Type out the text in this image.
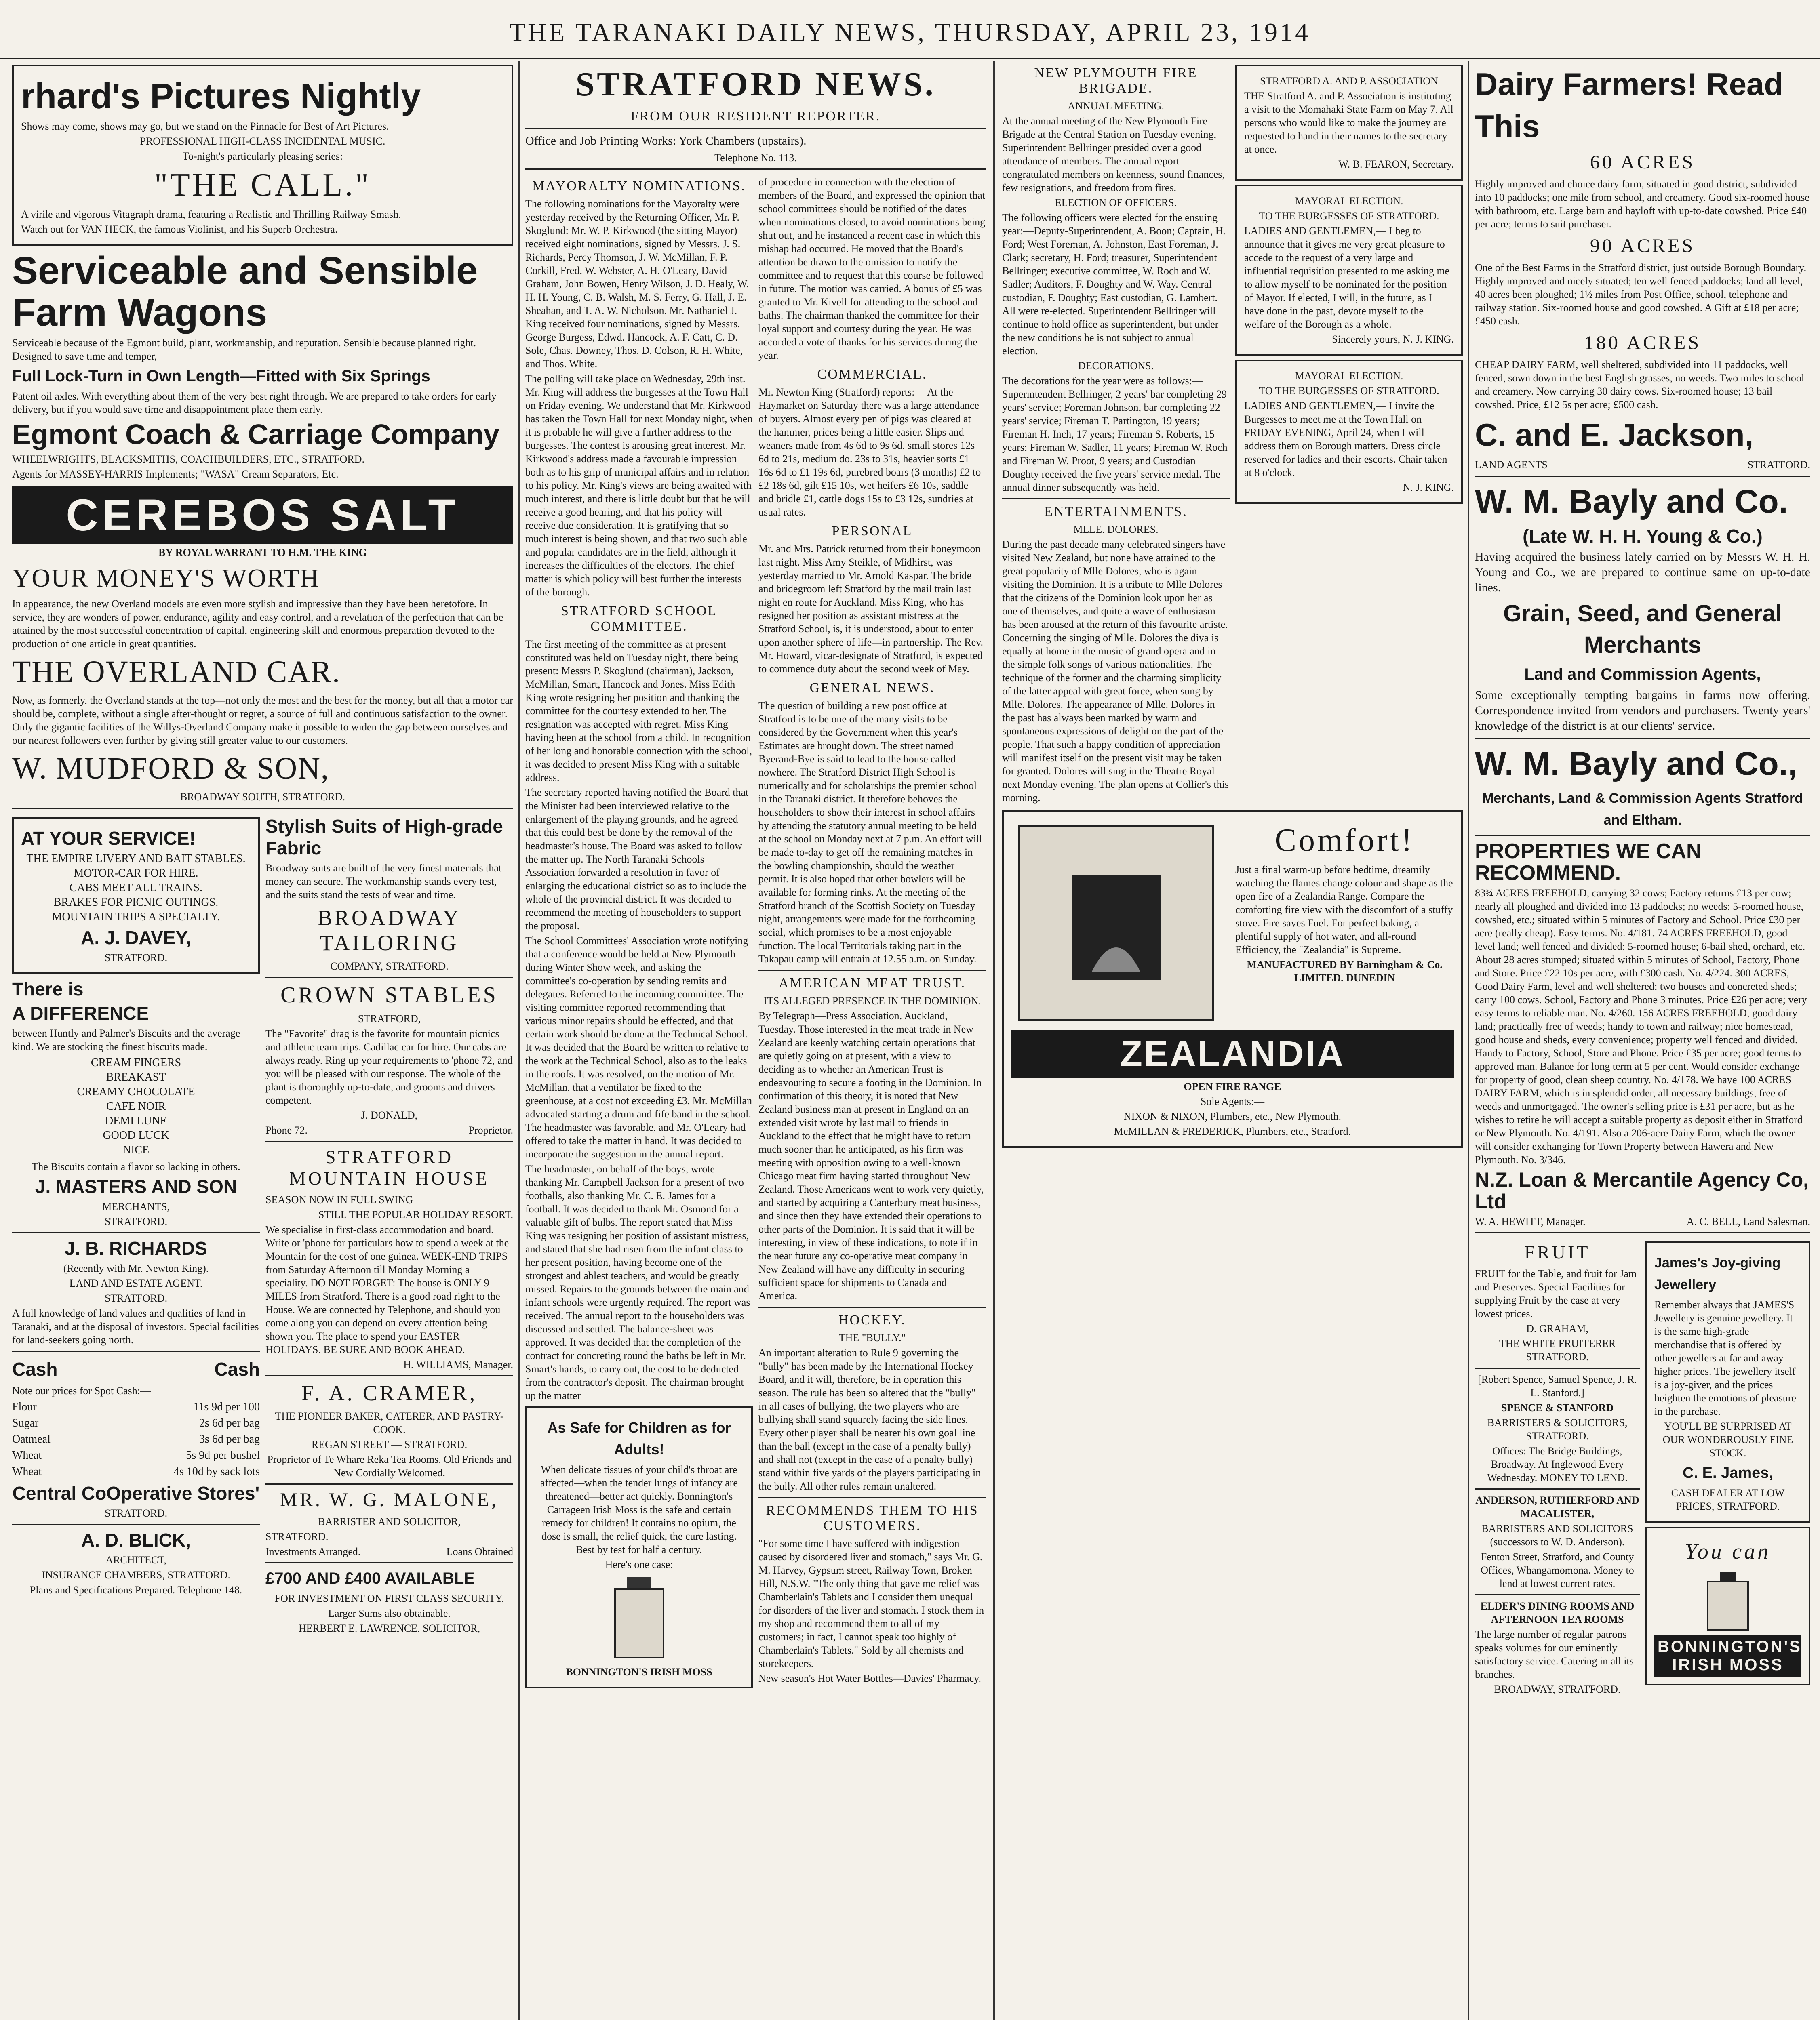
THE TARANAKI DAILY NEWS, THURSDAY, APRIL 23, 1914
rhard's Pictures Nightly
Shows may come, shows may go, but we stand on the Pinnacle for Best of Art Pictures.
PROFESSIONAL HIGH-CLASS INCIDENTAL MUSIC.
To-night's particularly pleasing series:
"THE CALL."
A virile and vigorous Vitagraph drama, featuring a Realistic and Thrilling Railway Smash.
Watch out for VAN HECK, the famous Violinist, and his Superb Orchestra.
Serviceable and Sensible Farm Wagons
Serviceable because of the Egmont build, plant, workmanship, and reputation. Sensible because planned right. Designed to save time and temper,
Full Lock-Turn in Own Length—Fitted with Six Springs
Patent oil axles. With everything about them of the very best right through. We are prepared to take orders for early delivery, but if you would save time and disappointment place them early.
Egmont Coach & Carriage Company
WHEELWRIGHTS, BLACKSMITHS, COACHBUILDERS, ETC., STRATFORD.
Agents for MASSEY-HARRIS Implements; "WASA" Cream Separators, Etc.
CEREBOS SALT
BY ROYAL WARRANT TO H.M. THE KING
YOUR MONEY'S WORTH
In appearance, the new Overland models are even more stylish and impressive than they have been heretofore. In service, they are wonders of power, endurance, agility and easy control, and a revelation of the perfection that can be attained by the most successful concentration of capital, engineering skill and enormous preparation devoted to the production of one article in great quantities.
THE OVERLAND CAR.
Now, as formerly, the Overland stands at the top—not only the most and the best for the money, but all that a motor car should be, complete, without a single after-thought or regret, a source of full and continuous satisfaction to the owner. Only the gigantic facilities of the Willys-Overland Company make it possible to widen the gap between ourselves and our nearest followers even further by giving still greater value to our customers.
W. MUDFORD & SON,
BROADWAY SOUTH, STRATFORD.
AT YOUR SERVICE!
THE EMPIRE LIVERY AND BAIT STABLES.
MOTOR-CAR FOR HIRE.
CABS MEET ALL TRAINS.
BRAKES FOR PICNIC OUTINGS.
MOUNTAIN TRIPS A SPECIALTY.
A. J. DAVEY,
STRATFORD.
There is
A DIFFERENCE
between Huntly and Palmer's Biscuits and the average kind. We are stocking the finest biscuits made.
CREAM FINGERS
BREAKAST
CREAMY CHOCOLATE
CAFE NOIR
DEMI LUNE
GOOD LUCK
NICE
The Biscuits contain a flavor so lacking in others.
J. MASTERS AND SON
MERCHANTS,
STRATFORD.
J. B. RICHARDS
(Recently with Mr. Newton King).
LAND AND ESTATE AGENT.
STRATFORD.
A full knowledge of land values and qualities of land in Taranaki, and at the disposal of investors. Special facilities for land-seekers going north.
Cash	Cash
Note our prices for Spot Cash:—
Flour	11s 9d per 100
Sugar	2s 6d per bag
Oatmeal	3s 6d per bag
Wheat	5s 9d per bushel
Wheat	4s 10d by sack lots
Central CoOperative Stores'
STRATFORD.
A. D. BLICK,
ARCHITECT,
INSURANCE CHAMBERS, STRATFORD.
Plans and Specifications Prepared. Telephone 148.
Stylish Suits of High-grade Fabric
Broadway suits are built of the very finest materials that money can secure. The workmanship stands every test, and the suits stand the tests of wear and time.
BROADWAY TAILORING
COMPANY, STRATFORD.
CROWN STABLES
STRATFORD,
The "Favorite" drag is the favorite for mountain picnics and athletic team trips. Cadillac car for hire. Our cabs are always ready. Ring up your requirements to 'phone 72, and you will be pleased with our response. The whole of the plant is thoroughly up-to-date, and grooms and drivers competent.
J. DONALD,
Phone 72.	Proprietor.
STRATFORD MOUNTAIN HOUSE
SEASON NOW IN FULL SWING
STILL THE POPULAR HOLIDAY RESORT.
We specialise in first-class accommodation and board. Write or 'phone for particulars how to spend a week at the Mountain for the cost of one guinea. WEEK-END TRIPS from Saturday Afternoon till Monday Morning a speciality. DO NOT FORGET: The house is ONLY 9 MILES from Stratford. There is a good road right to the House. We are connected by Telephone, and should you come along you can depend on every attention being shown you. The place to spend your EASTER HOLIDAYS. BE SURE AND BOOK AHEAD.
H. WILLIAMS, Manager.
F. A. CRAMER,
THE PIONEER BAKER, CATERER, AND PASTRY-COOK.
REGAN STREET — STRATFORD.
Proprietor of Te Whare Reka Tea Rooms. Old Friends and New Cordially Welcomed.
MR. W. G. MALONE,
BARRISTER AND SOLICITOR,
STRATFORD.
Investments Arranged.	Loans Obtained
£700 AND £400 AVAILABLE
FOR INVESTMENT ON FIRST CLASS SECURITY.
Larger Sums also obtainable.
HERBERT E. LAWRENCE, SOLICITOR,
STRATFORD NEWS.
FROM OUR RESIDENT REPORTER.
Office and Job Printing Works: York Chambers (upstairs).
Telephone No. 113.
MAYORALTY NOMINATIONS.
The following nominations for the Mayoralty were yesterday received by the Returning Officer, Mr. P. Skoglund: Mr. W. P. Kirkwood (the sitting Mayor) received eight nominations, signed by Messrs. J. S. Richards, Percy Thomson, J. W. McMillan, F. P. Corkill, Fred. W. Webster, A. H. O'Leary, David Graham, John Bowen, Henry Wilson, J. D. Healy, W. H. H. Young, C. B. Walsh, M. S. Ferry, G. Hall, J. E. Sheahan, and T. A. W. Nicholson. Mr. Nathaniel J. King received four nominations, signed by Messrs. George Burgess, Edwd. Hancock, A. F. Catt, C. D. Sole, Chas. Downey, Thos. D. Colson, R. H. White, and Thos. White.
The polling will take place on Wednesday, 29th inst. Mr. King will address the burgesses at the Town Hall on Friday evening. We understand that Mr. Kirkwood has taken the Town Hall for next Monday night, when it is probable he will give a further address to the burgesses. The contest is arousing great interest. Mr. Kirkwood's address made a favourable impression both as to his grip of municipal affairs and in relation to his policy. Mr. King's views are being awaited with much interest, and there is little doubt but that he will receive a good hearing, and that his policy will receive due consideration. It is gratifying that so much interest is being shown, and that two such able and popular candidates are in the field, although it increases the difficulties of the electors. The chief matter is which policy will best further the interests of the borough.
STRATFORD SCHOOL COMMITTEE.
The first meeting of the committee as at present constituted was held on Tuesday night, there being present: Messrs P. Skoglund (chairman), Jackson, McMillan, Smart, Hancock and Jones. Miss Edith King wrote resigning her position and thanking the committee for the courtesy extended to her. The resignation was accepted with regret. Miss King having been at the school from a child. In recognition of her long and honorable connection with the school, it was decided to present Miss King with a suitable address.
The secretary reported having notified the Board that the Minister had been interviewed relative to the enlargement of the playing grounds, and he agreed that this could best be done by the removal of the headmaster's house. The Board was asked to follow the matter up. The North Taranaki Schools Association forwarded a resolution in favor of enlarging the educational district so as to include the whole of the provincial district. It was decided to recommend the meeting of householders to support the proposal.
The School Committees' Association wrote notifying that a conference would be held at New Plymouth during Winter Show week, and asking the committee's co-operation by sending remits and delegates. Referred to the incoming committee. The visiting committee reported recommending that various minor repairs should be effected, and that certain work should be done at the Technical School. It was decided that the Board be written to relative to the work at the Technical School, also as to the leaks in the roofs. It was resolved, on the motion of Mr. McMillan, that a ventilator be fixed to the greenhouse, at a cost not exceeding £3. Mr. McMillan advocated starting a drum and fife band in the school. The headmaster was favorable, and Mr. O'Leary had offered to take the matter in hand. It was decided to incorporate the suggestion in the annual report.
The headmaster, on behalf of the boys, wrote thanking Mr. Campbell Jackson for a present of two footballs, also thanking Mr. C. E. James for a football. It was decided to thank Mr. Osmond for a valuable gift of bulbs. The report stated that Miss King was resigning her position of assistant mistress, and stated that she had risen from the infant class to her present position, having become one of the strongest and ablest teachers, and would be greatly missed. Repairs to the grounds between the main and infant schools were urgently required. The report was received. The annual report to the householders was discussed and settled. The balance-sheet was approved. It was decided that the completion of the contract for concreting round the baths be left in Mr. Smart's hands, to carry out, the cost to be deducted from the contractor's deposit. The chairman brought up the matter
As Safe for Children as for Adults!
When delicate tissues of your child's throat are affected—when the tender lungs of infancy are threatened—better act quickly. Bonnington's Carrageen Irish Moss is the safe and certain remedy for children! It contains no opium, the dose is small, the relief quick, the cure lasting. Best by test for half a century.
Here's one case:
BONNINGTON'S IRISH MOSS
of procedure in connection with the election of members of the Board, and expressed the opinion that school committees should be notified of the dates when nominations closed, to avoid nominations being shut out, and he instanced a recent case in which this mishap had occurred. He moved that the Board's attention be drawn to the omission to notify the committee and to request that this course be followed in future. The motion was carried. A bonus of £5 was granted to Mr. Kivell for attending to the school and baths. The chairman thanked the committee for their loyal support and courtesy during the year. He was accorded a vote of thanks for his services during the year.
COMMERCIAL.
Mr. Newton King (Stratford) reports:— At the Haymarket on Saturday there was a large attendance of buyers. Almost every pen of pigs was cleared at the hammer, prices being a little easier. Slips and weaners made from 4s 6d to 9s 6d, small stores 12s 6d to 21s, medium do. 23s to 31s, heavier sorts £1 16s 6d to £1 19s 6d, purebred boars (3 months) £2 to £2 18s 6d, gilt £15 10s, wet heifers £6 10s, saddle and bridle £1, cattle dogs 15s to £3 12s, sundries at usual rates.
PERSONAL
Mr. and Mrs. Patrick returned from their honeymoon last night. Miss Amy Steikle, of Midhirst, was yesterday married to Mr. Arnold Kaspar. The bride and bridegroom left Stratford by the mail train last night en route for Auckland. Miss King, who has resigned her position as assistant mistress at the Stratford School, is, it is understood, about to enter upon another sphere of life—in partnership. The Rev. Mr. Howard, vicar-designate of Stratford, is expected to commence duty about the second week of May.
GENERAL NEWS.
The question of building a new post office at Stratford is to be one of the many visits to be considered by the Government when this year's Estimates are brought down. The street named Byerand-Bye is said to lead to the house called nowhere. The Stratford District High School is numerically and for scholarships the premier school in the Taranaki district. It therefore behoves the householders to show their interest in school affairs by attending the statutory annual meeting to be held at the school on Monday next at 7 p.m. An effort will be made to-day to get off the remaining matches in the bowling championship, should the weather permit. It is also hoped that other bowlers will be available for forming rinks. At the meeting of the Stratford branch of the Scottish Society on Tuesday night, arrangements were made for the forthcoming social, which promises to be a most enjoyable function. The local Territorials taking part in the Takapau camp will entrain at 12.55 a.m. on Sunday.
AMERICAN MEAT TRUST.
ITS ALLEGED PRESENCE IN THE DOMINION.
By Telegraph—Press Association. Auckland, Tuesday. Those interested in the meat trade in New Zealand are keenly watching certain operations that are quietly going on at present, with a view to deciding as to whether an American Trust is endeavouring to secure a footing in the Dominion. In confirmation of this theory, it is noted that New Zealand business man at present in England on an extended visit wrote by last mail to friends in Auckland to the effect that he might have to return much sooner than he anticipated, as his firm was meeting with opposition owing to a well-known Chicago meat firm having started throughout New Zealand. Those Americans went to work very quietly, and started by acquiring a Canterbury meat business, and since then they have extended their operations to other parts of the Dominion. It is said that it will be interesting, in view of these indications, to note if in the near future any co-operative meat company in New Zealand will have any difficulty in securing sufficient space for shipments to Canada and America.
HOCKEY.
THE "BULLY."
An important alteration to Rule 9 governing the "bully" has been made by the International Hockey Board, and it will, therefore, be in operation this season. The rule has been so altered that the "bully" in all cases of bullying, the two players who are bullying shall stand squarely facing the side lines. Every other player shall be nearer his own goal line than the ball (except in the case of a penalty bully) and shall not (except in the case of a penalty bully) stand within five yards of the players participating in the bully. All other rules remain unaltered.
RECOMMENDS THEM TO HIS CUSTOMERS.
"For some time I have suffered with indigestion caused by disordered liver and stomach," says Mr. G. M. Harvey, Gypsum street, Railway Town, Broken Hill, N.S.W. "The only thing that gave me relief was Chamberlain's Tablets and I consider them unequal for disorders of the liver and stomach. I stock them in my shop and recommend them to all of my customers; in fact, I cannot speak too highly of Chamberlain's Tablets." Sold by all chemists and storekeepers.
New season's Hot Water Bottles—Davies' Pharmacy.
NEW PLYMOUTH FIRE BRIGADE.
ANNUAL MEETING.
At the annual meeting of the New Plymouth Fire Brigade at the Central Station on Tuesday evening, Superintendent Bellringer presided over a good attendance of members. The annual report congratulated members on keenness, sound finances, few resignations, and freedom from fires.
ELECTION OF OFFICERS.
The following officers were elected for the ensuing year:—Deputy-Superintendent, A. Boon; Captain, H. Ford; West Foreman, A. Johnston, East Foreman, J. Clark; secretary, H. Ford; treasurer, Superintendent Bellringer; executive committee, W. Roch and W. Sadler; Auditors, F. Doughty and W. Way. Central custodian, F. Doughty; East custodian, G. Lambert. All were re-elected. Superintendent Bellringer will continue to hold office as superintendent, but under the new conditions he is not subject to annual election.
DECORATIONS.
The decorations for the year were as follows:—Superintendent Bellringer, 2 years' bar completing 29 years' service; Foreman Johnson, bar completing 22 years' service; Fireman T. Partington, 19 years; Fireman H. Inch, 17 years; Fireman S. Roberts, 15 years; Fireman W. Sadler, 11 years; Fireman W. Roch and Fireman W. Proot, 9 years; and Custodian Doughty received the five years' service medal. The annual dinner subsequently was held.
ENTERTAINMENTS.
MLLE. DOLORES.
During the past decade many celebrated singers have visited New Zealand, but none have attained to the great popularity of Mlle Dolores, who is again visiting the Dominion. It is a tribute to Mlle Dolores that the citizens of the Dominion look upon her as one of themselves, and quite a wave of enthusiasm has been aroused at the return of this favourite artiste. Concerning the singing of Mlle. Dolores the diva is equally at home in the music of grand opera and in the simple folk songs of various nationalities. The technique of the former and the charming simplicity of the latter appeal with great force, when sung by Mlle. Dolores. The appearance of Mlle. Dolores in the past has always been marked by warm and spontaneous expressions of delight on the part of the people. That such a happy condition of appreciation will manifest itself on the present visit may be taken for granted. Dolores will sing in the Theatre Royal next Monday evening. The plan opens at Collier's this morning.
STRATFORD A. AND P. ASSOCIATION
THE Stratford A. and P. Association is instituting a visit to the Momahaki State Farm on May 7. All persons who would like to make the journey are requested to hand in their names to the secretary at once.
W. B. FEARON, Secretary.
MAYORAL ELECTION.
TO THE BURGESSES OF STRATFORD.
LADIES AND GENTLEMEN,— I beg to announce that it gives me very great pleasure to accede to the request of a very large and influential requisition presented to me asking me to allow myself to be nominated for the position of Mayor. If elected, I will, in the future, as I have done in the past, devote myself to the welfare of the Borough as a whole.
Sincerely yours, N. J. KING.
MAYORAL ELECTION.
TO THE BURGESSES OF STRATFORD.
LADIES AND GENTLEMEN,— I invite the Burgesses to meet me at the Town Hall on FRIDAY EVENING, April 24, when I will address them on Borough matters. Dress circle reserved for ladies and their escorts. Chair taken at 8 o'clock.
N. J. KING.
Comfort!
Just a final warm-up before bedtime, dreamily watching the flames change colour and shape as the open fire of a Zealandia Range. Compare the comforting fire view with the discomfort of a stuffy stove. Fire saves Fuel. For perfect baking, a plentiful supply of hot water, and all-round Efficiency, the "Zealandia" is Supreme.
MANUFACTURED BY Barningham & Co. LIMITED. DUNEDIN
ZEALANDIA
OPEN FIRE RANGE
Sole Agents:—
NIXON & NIXON, Plumbers, etc., New Plymouth.
McMILLAN & FREDERICK, Plumbers, etc., Stratford.
Dairy Farmers! Read This
60 ACRES
Highly improved and choice dairy farm, situated in good district, subdivided into 10 paddocks; one mile from school, and creamery. Good six-roomed house with bathroom, etc. Large barn and hayloft with up-to-date cowshed. Price £40 per acre; terms to suit purchaser.
90 ACRES
One of the Best Farms in the Stratford district, just outside Borough Boundary. Highly improved and nicely situated; ten well fenced paddocks; land all level, 40 acres been ploughed; 1½ miles from Post Office, school, telephone and railway station. Six-roomed house and good cowshed. A Gift at £18 per acre; £450 cash.
180 ACRES
CHEAP DAIRY FARM, well sheltered, subdivided into 11 paddocks, well fenced, sown down in the best English grasses, no weeds. Two miles to school and creamery. Now carrying 30 dairy cows. Six-roomed house; 13 bail cowshed. Price, £12 5s per acre; £500 cash.
C. and E. Jackson,
LAND AGENTS	STRATFORD.
W. M. Bayly and Co.
(Late W. H. H. Young & Co.)
Having acquired the business lately carried on by Messrs W. H. H. Young and Co., we are prepared to continue same on up-to-date lines.
Grain, Seed, and General Merchants
Land and Commission Agents,
Some exceptionally tempting bargains in farms now offering. Correspondence invited from vendors and purchasers. Twenty years' knowledge of the district is at our clients' service.
W. M. Bayly and Co.,
Merchants, Land & Commission Agents Stratford and Eltham.
PROPERTIES WE CAN RECOMMEND.
83¾ ACRES FREEHOLD, carrying 32 cows; Factory returns £13 per cow; nearly all ploughed and divided into 13 paddocks; no weeds; 5-roomed house, cowshed, etc.; situated within 5 minutes of Factory and School. Price £30 per acre (really cheap). Easy terms. No. 4/181. 74 ACRES FREEHOLD, good level land; well fenced and divided; 5-roomed house; 6-bail shed, orchard, etc. About 28 acres stumped; situated within 5 minutes of School, Factory, Phone and Store. Price £22 10s per acre, with £300 cash. No. 4/224. 300 ACRES, Good Dairy Farm, level and well sheltered; two houses and concreted sheds; carry 100 cows. School, Factory and Phone 3 minutes. Price £26 per acre; very easy terms to reliable man. No. 4/260. 156 ACRES FREEHOLD, good dairy land; practically free of weeds; handy to town and railway; nice homestead, good house and sheds, every convenience; property well fenced and divided. Handy to Factory, School, Store and Phone. Price £35 per acre; good terms to approved man. Balance for long term at 5 per cent. Would consider exchange for property of good, clean sheep country. No. 4/178. We have 100 ACRES DAIRY FARM, which is in splendid order, all necessary buildings, free of weeds and unmortgaged. The owner's selling price is £31 per acre, but as he wishes to retire he will accept a suitable property as deposit either in Stratford or New Plymouth. No. 4/191. Also a 206-acre Dairy Farm, which the owner will consider exchanging for Town Property between Hawera and New Plymouth. No. 3/346.
N.Z. Loan & Mercantile Agency Co, Ltd
W. A. HEWITT, Manager.	A. C. BELL, Land Salesman.
FRUIT
FRUIT for the Table, and fruit for Jam and Preserves. Special Facilities for supplying Fruit by the case at very lowest prices.
D. GRAHAM,
THE WHITE FRUITERER STRATFORD.
[Robert Spence, Samuel Spence, J. R. L. Stanford.]
SPENCE & STANFORD
BARRISTERS & SOLICITORS, STRATFORD.
Offices: The Bridge Buildings, Broadway. At Inglewood Every Wednesday. MONEY TO LEND.
ANDERSON, RUTHERFORD AND MACALISTER,
BARRISTERS AND SOLICITORS (successors to W. D. Anderson).
Fenton Street, Stratford, and County Offices, Whangamomona. Money to lend at lowest current rates.
ELDER'S DINING ROOMS AND AFTERNOON TEA ROOMS
The large number of regular patrons speaks volumes for our eminently satisfactory service. Catering in all its branches.
BROADWAY, STRATFORD.
James's Joy-giving Jewellery
Remember always that JAMES'S Jewellery is genuine jewellery. It is the same high-grade merchandise that is offered by other jewellers at far and away higher prices. The jewellery itself is a joy-giver, and the prices heighten the emotions of pleasure in the purchase.
YOU'LL BE SURPRISED AT OUR WONDEROUSLY FINE STOCK.
C. E. James,
CASH DEALER AT LOW PRICES, STRATFORD.
You can
BONNINGTON'S IRISH MOSS
